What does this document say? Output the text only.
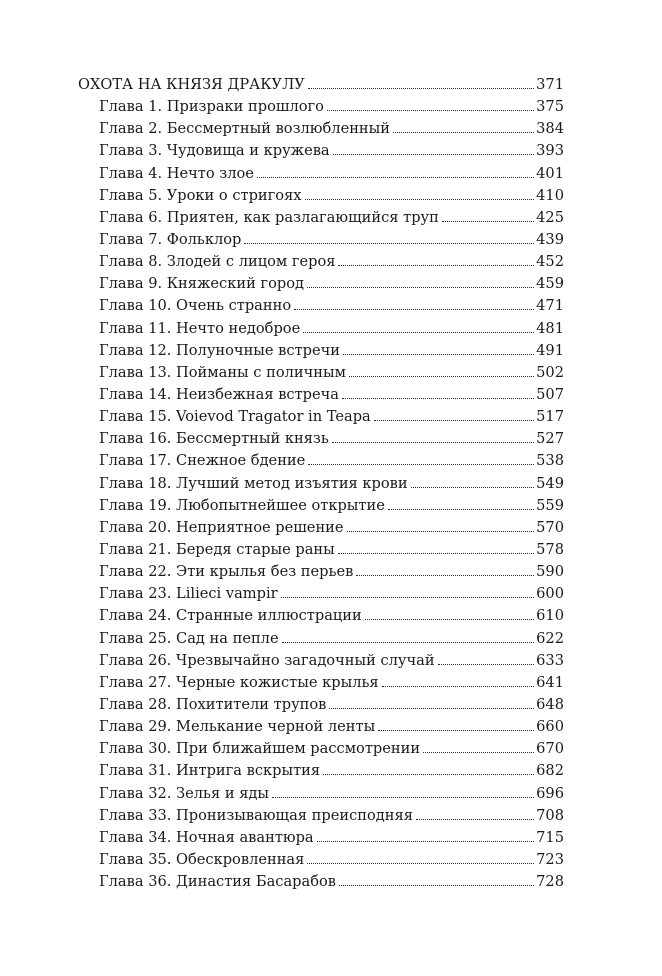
ОХОТА НА КНЯЗЯ ДРАКУЛУ	371
Глава 1. Призраки прошлого	375
Глава 2. Бессмертный возлюбленный	384
Глава 3. Чудовища и кружева	393
Глава 4. Нечто злое	401
Глава 5. Уроки о стригоях	410
Глава 6. Приятен, как разлагающийся труп	425
Глава 7. Фольклор	439
Глава 8. Злодей с лицом героя	452
Глава 9. Княжеский город	459
Глава 10. Очень странно	471
Глава 11. Нечто недоброе	481
Глава 12. Полуночные встречи	491
Глава 13. Пойманы с поличным	502
Глава 14. Неизбежная встреча	507
Глава 15. Voievod Tragator in Teapa	517
Глава 16. Бессмертный князь	527
Глава 17. Снежное бдение	538
Глава 18. Лучший метод изъятия крови	549
Глава 19. Любопытнейшее открытие	559
Глава 20. Неприятное решение	570
Глава 21. Бередя старые раны	578
Глава 22. Эти крылья без перьев	590
Глава 23. Lilieci vampir	600
Глава 24. Странные иллюстрации	610
Глава 25. Сад на пепле	622
Глава 26. Чрезвычайно загадочный случай	633
Глава 27. Черные кожистые крылья	641
Глава 28. Похитители трупов	648
Глава 29. Мелькание черной ленты	660
Глава 30. При ближайшем рассмотрении	670
Глава 31. Интрига вскрытия	682
Глава 32. Зелья и яды	696
Глава 33. Пронизывающая преисподняя	708
Глава 34. Ночная авантюра	715
Глава 35. Обескровленная	723
Глава 36. Династия Басарабов	728
